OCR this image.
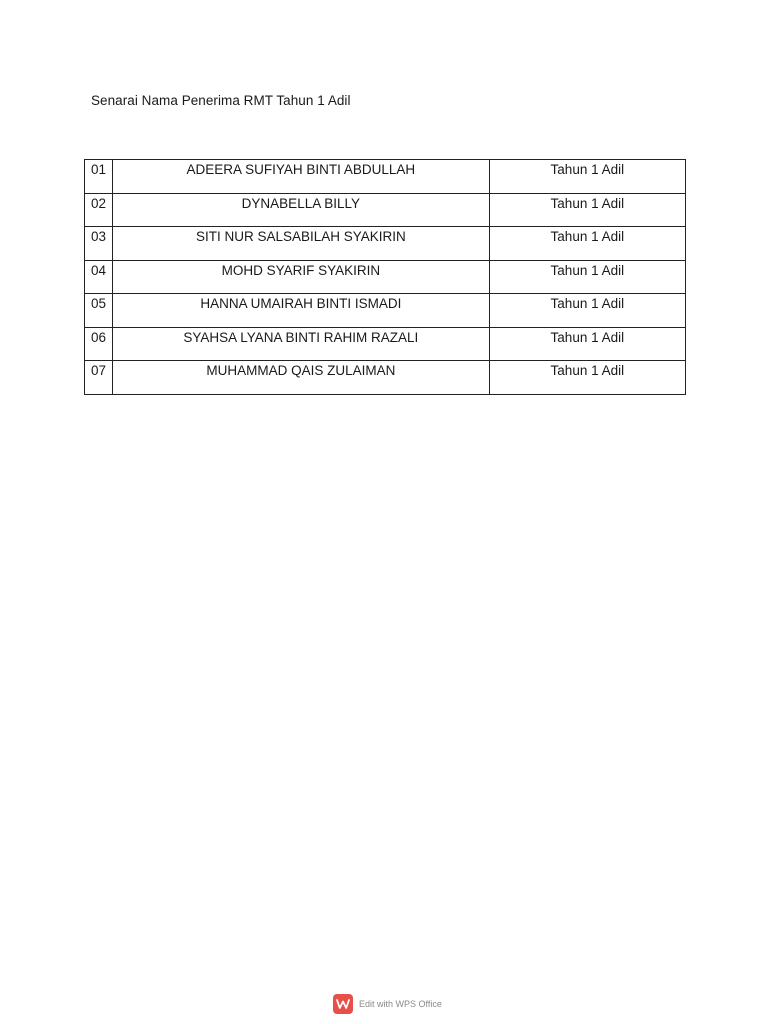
Senarai Nama Penerima RMT Tahun 1 Adil
01	ADEERA SUFIYAH BINTI ABDULLAH	Tahun 1 Adil

02	DYNABELLA BILLY	Tahun 1 Adil

03	SITI NUR SALSABILAH SYAKIRIN	Tahun 1 Adil

04	MOHD SYARIF SYAKIRIN	Tahun 1 Adil

05	HANNA UMAIRAH BINTI ISMADI	Tahun 1 Adil

06	SYAHSA LYANA BINTI RAHIM RAZALI	Tahun 1 Adil

07	MUHAMMAD QAIS ZULAIMAN	Tahun 1 Adil
Edit with WPS Office
